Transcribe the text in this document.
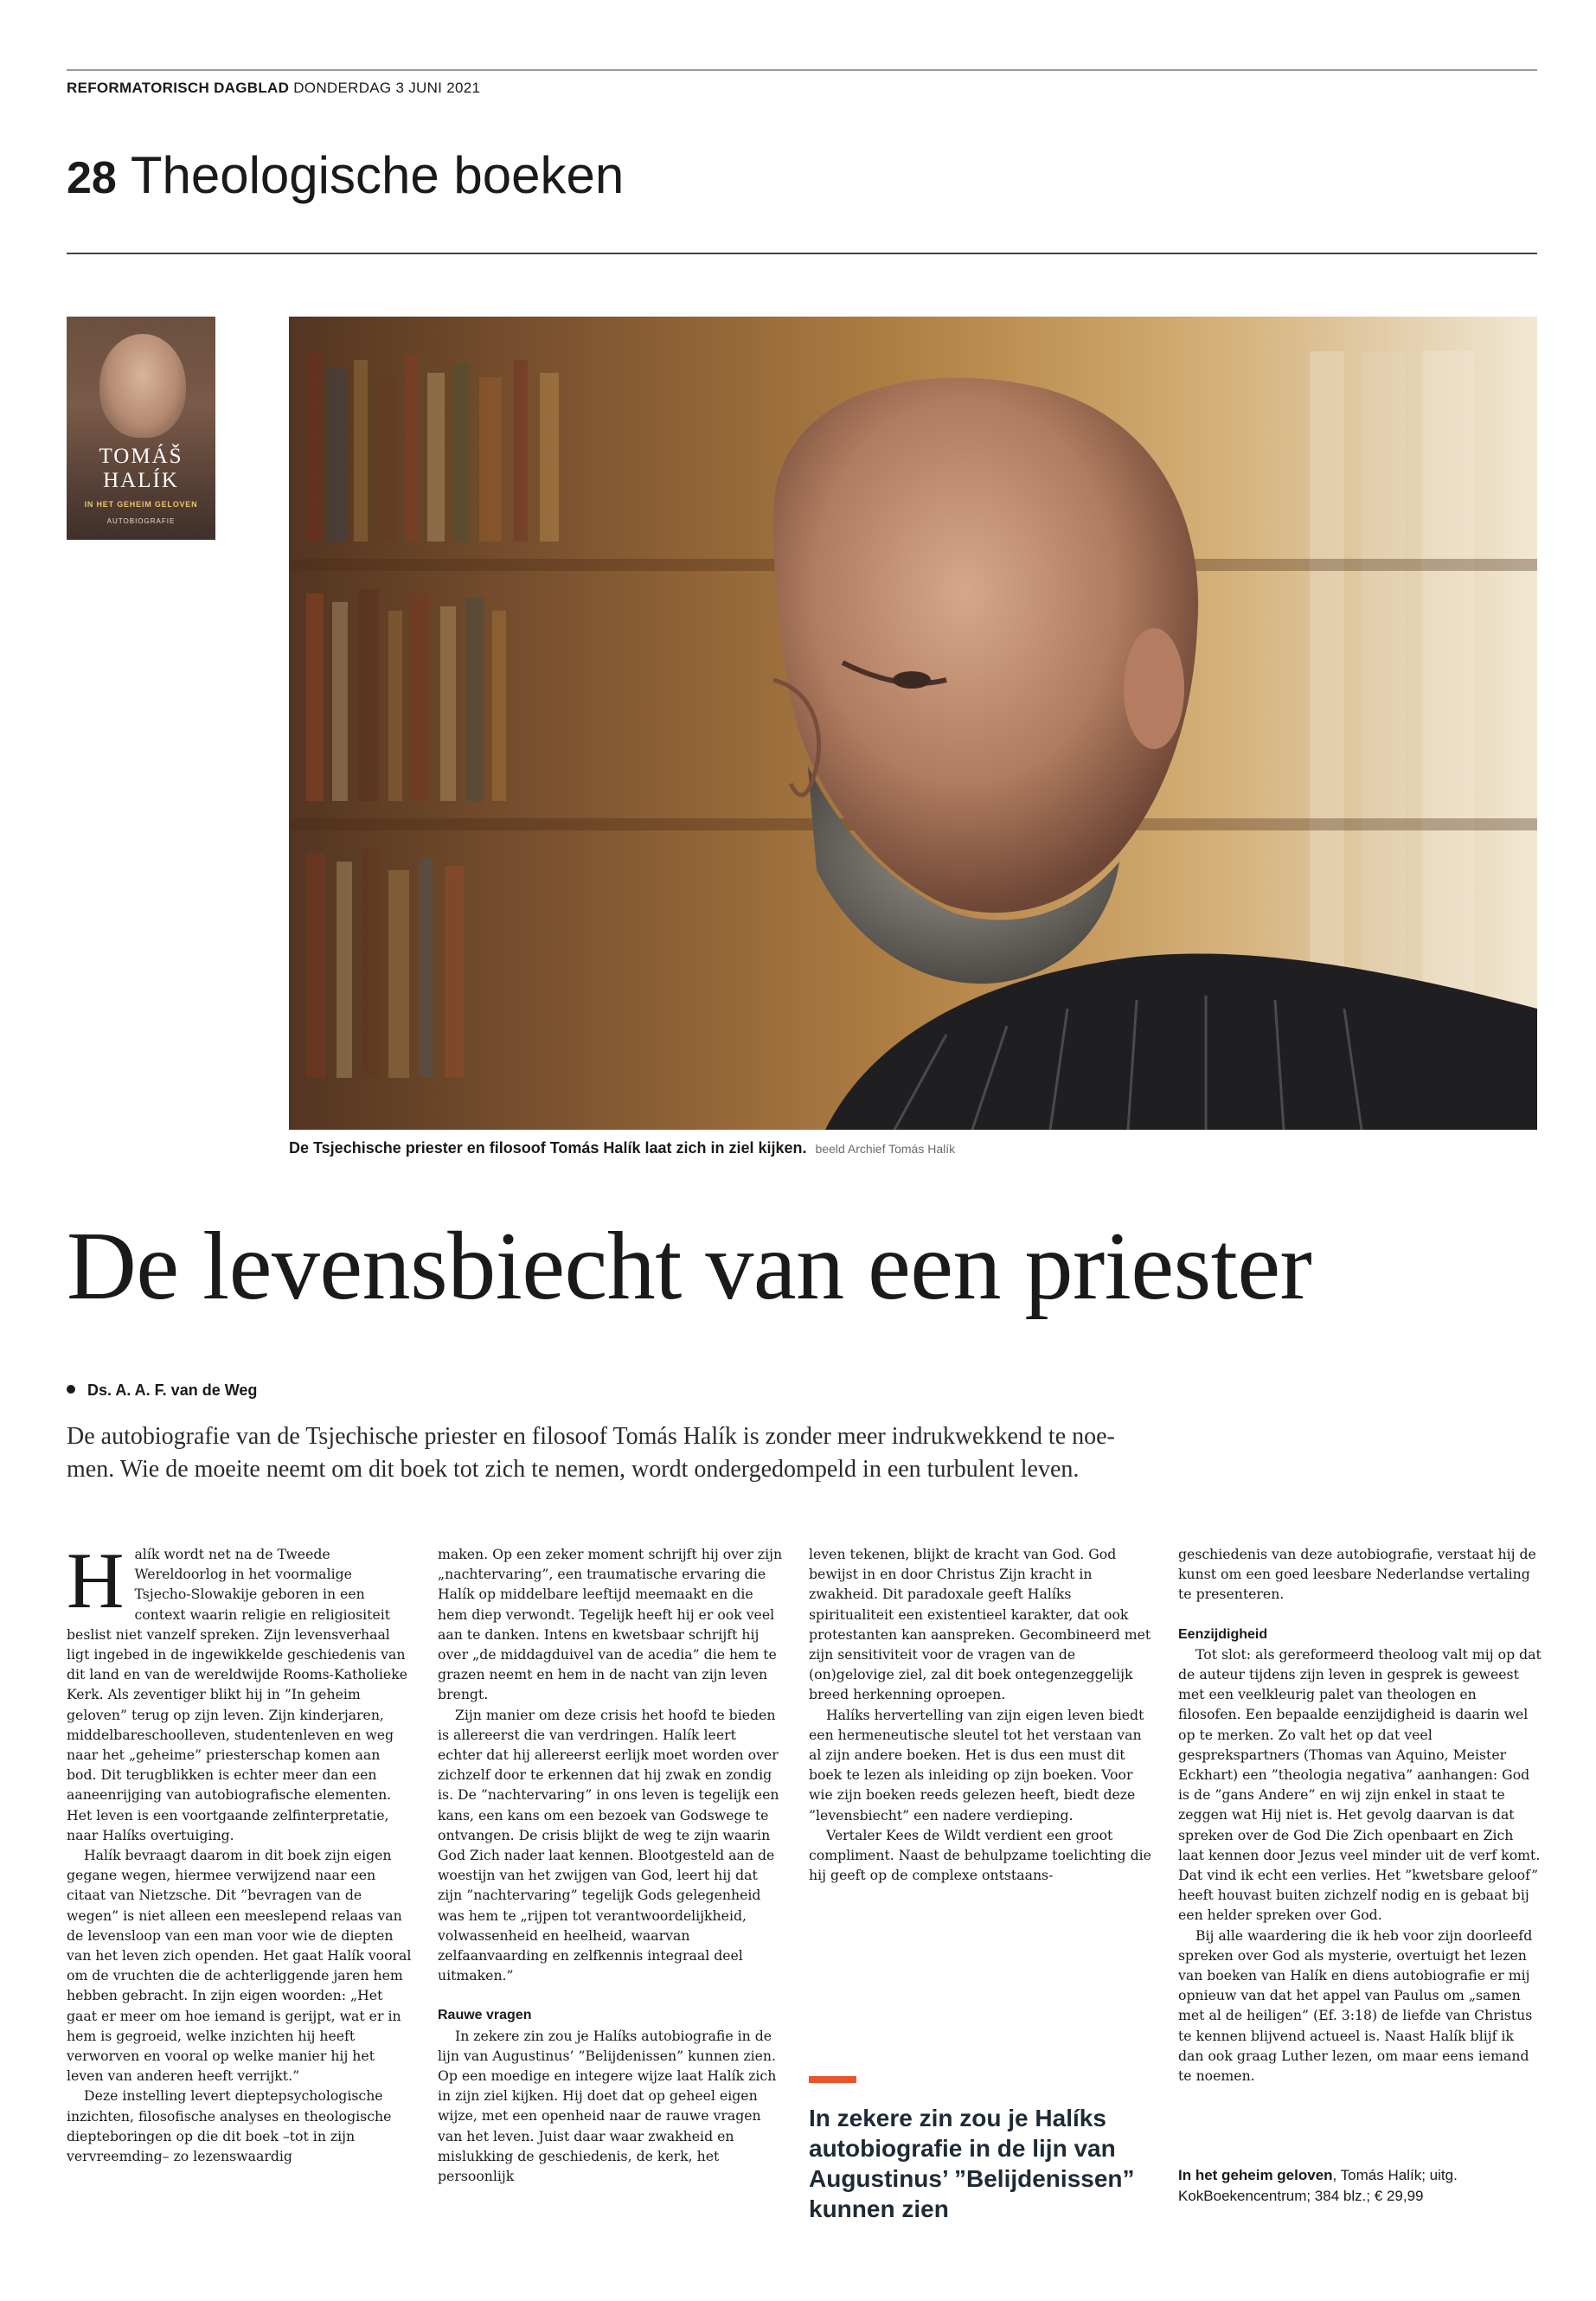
REFORMATORISCH DAGBLAD DONDERDAG 3 JUNI 2021
28 Theologische boeken
TOMÁŠ
HALÍK
IN HET GEHEIM GELOVEN
AUTOBIOGRAFIE
De Tsjechische priester en filosoof Tomás Halík laat zich in ziel kijken. beeld Archief Tomás Halík
De levensbiecht van een priester
Ds. A. A. F. van de Weg
De autobiografie van de Tsjechische priester en filosoof Tomás Halík is zonder meer indrukwekkend te noe-
men. Wie de moeite neemt om dit boek tot zich te nemen, wordt ondergedompeld in een turbulent leven.
H alík wordt net na de Tweede Wereldoorlog in het voormalige Tsjecho-Slowakije geboren in een context waarin religie en religiositeit beslist niet vanzelf spreken. Zijn levensverhaal ligt ingebed in de ingewikkelde geschiedenis van dit land en van de wereldwijde Rooms-Katholieke Kerk. Als zeventiger blikt hij in ”In geheim geloven” terug op zijn leven. Zijn kinderjaren, middelbareschoolleven, studentenleven en weg naar het „geheime” priesterschap komen aan bod. Dit terugblikken is echter meer dan een aaneenrijging van autobiografische elementen. Het leven is een voortgaande zelfinterpretatie, naar Halíks overtuiging.

Halík bevraagt daarom in dit boek zijn eigen gegane wegen, hiermee verwijzend naar een citaat van Nietzsche. Dit ”bevragen van de wegen” is niet alleen een meeslepend relaas van de levensloop van een man voor wie de diepten van het leven zich openden. Het gaat Halík vooral om de vruchten die de achterliggende jaren hem hebben gebracht. In zijn eigen woorden: „Het gaat er meer om hoe iemand is gerijpt, wat er in hem is gegroeid, welke inzichten hij heeft verworven en vooral op welke manier hij het leven van anderen heeft verrijkt.”

Deze instelling levert dieptepsychologische inzichten, filosofische analyses en theologische diepteboringen op die dit boek –tot in zijn vervreemding– zo lezenswaardig

maken. Op een zeker moment schrijft hij over zijn „nachtervaring”, een traumatische ervaring die Halík op middelbare leeftijd meemaakt en die hem diep verwondt. Tegelijk heeft hij er ook veel aan te danken. Intens en kwetsbaar schrijft hij over „de middagduivel van de acedia” die hem te grazen neemt en hem in de nacht van zijn leven brengt.

Zijn manier om deze crisis het hoofd te bieden is allereerst die van verdringen. Halík leert echter dat hij allereerst eerlijk moet worden over zichzelf door te erkennen dat hij zwak en zondig is. De ”nachtervaring” in ons leven is tegelijk een kans, een kans om een bezoek van Godswege te ontvangen. De crisis blijkt de weg te zijn waarin God Zich nader laat kennen. Blootgesteld aan de woestijn van het zwijgen van God, leert hij dat zijn ”nachtervaring” tegelijk Gods gelegenheid was hem te „rijpen tot verantwoordelijkheid, volwassenheid en heelheid, waarvan zelfaanvaarding en zelfkennis integraal deel uitmaken.”

Rauwe vragen

In zekere zin zou je Halíks autobiografie in de lijn van Augustinus’ ”Belijdenissen” kunnen zien. Op een moedige en integere wijze laat Halík zich in zijn ziel kijken. Hij doet dat op geheel eigen wijze, met een openheid naar de rauwe vragen van het leven. Juist daar waar zwakheid en mislukking de geschiedenis, de kerk, het persoonlijk

leven tekenen, blijkt de kracht van God. God bewijst in en door Christus Zijn kracht in zwakheid. Dit paradoxale geeft Halíks spiritualiteit een existentieel karakter, dat ook protestanten kan aanspreken. Gecombineerd met zijn sensitiviteit voor de vragen van de (on)gelovige ziel, zal dit boek ontegenzeggelijk breed herkenning oproepen.

Halíks hervertelling van zijn eigen leven biedt een hermeneutische sleutel tot het verstaan van al zijn andere boeken. Het is dus een must dit boek te lezen als inleiding op zijn boeken. Voor wie zijn boeken reeds gelezen heeft, biedt deze ”levensbiecht” een nadere verdieping.

Vertaler Kees de Wildt verdient een groot compliment. Naast de behulpzame toelichting die hij geeft op de complexe ontstaans-

In zekere zin zou je Halíks autobiografie in de lijn van Augustinus’ ”Belijdenissen” kunnen zien

geschiedenis van deze autobiografie, verstaat hij de kunst om een goed leesbare Nederlandse vertaling te presenteren.

Eenzijdigheid

Tot slot: als gereformeerd theoloog valt mij op dat de auteur tijdens zijn leven in gesprek is geweest met een veelkleurig palet van theologen en filosofen. Een bepaalde eenzijdigheid is daarin wel op te merken. Zo valt het op dat veel gesprekspartners (Thomas van Aquino, Meister Eckhart) een ”theologia negativa” aanhangen: God is de ”gans Andere” en wij zijn enkel in staat te zeggen wat Hij niet is. Het gevolg daarvan is dat spreken over de God Die Zich openbaart en Zich laat kennen door Jezus veel minder uit de verf komt. Dat vind ik echt een verlies. Het ”kwetsbare geloof” heeft houvast buiten zichzelf nodig en is gebaat bij een helder spreken over God.

Bij alle waardering die ik heb voor zijn doorleefd spreken over God als mysterie, overtuigt het lezen van boeken van Halík en diens autobiografie er mij opnieuw van dat het appel van Paulus om „samen met al de heiligen” (Ef. 3:18) de liefde van Christus te kennen blijvend actueel is. Naast Halík blijf ik dan ook graag Luther lezen, om maar eens iemand te noemen.

In het geheim geloven, Tomás Halík; uitg. KokBoekencentrum; 384 blz.; € 29,99
